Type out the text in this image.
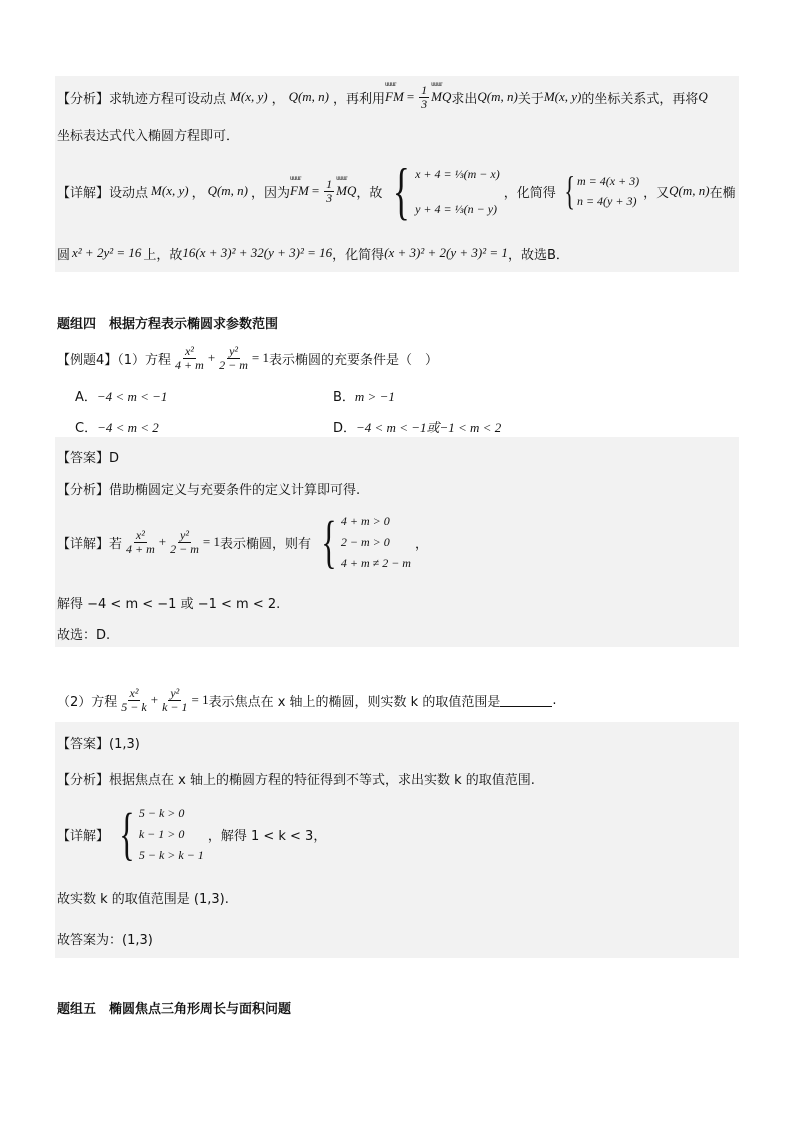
【分析】 求轨迹方程可设动点 M(x, y) ， Q(m, n) ，再利用 uuur FM = $\frac{1}{3}$ uuur MQ 求出 Q(m, n) 关于 M(x, y) 的坐标关系式，再将 Q
坐标表达式代入椭圆方程即可．
【详解】 设动点 M(x, y) ， Q(m, n) ，因为 uuur FM = $\frac{1}{3}$ uuur MQ ，故 { x + 4 = ⅓(m − x)
y + 4 = ⅓(n − y)
，化简得 { m = 4(x + 3)
n = 4(y + 3)
，又 Q(m, n) 在椭
圆 x² + 2y² = 16 上，故 16(x + 3)² + 32(y + 3)² = 16 ，化简得 (x + 3)² + 2(y + 3)² = 1 ，故选B．
题组四　根据方程表示椭圆求参数范围
【例题4】（1）方程 $\frac{\text{x²}}{4 + m} + \frac{\text{y²}}{2 - m} = 1$ 表示椭圆的充要条件是（　）
A．−4 < m < −1	B．m > −1
C．−4 < m < 2	D．−4 < m < −1或−1 < m < 2
【答案】D
【分析】借助椭圆定义与充要条件的定义计算即可得.
【详解】若 $\frac{\text{x²}}{4 + m} + \frac{\text{y²}}{2 - m} = 1$ 表示椭圆，则有 { 4 + m > 0
2 − m > 0
4 + m ≠ 2 − m
，
解得 −4 < m < −1 或 −1 < m < 2.
故选：D.
（2）方程 $\frac{\text{x²}}{5 - k} + \frac{\text{y²}}{k - 1} = 1$ 表示焦点在 x 轴上的椭圆，则实数 k 的取值范围是	.
【答案】(1,3)
【分析】根据焦点在 x 轴上的椭圆方程的特征得到不等式，求出实数 k 的取值范围.
【详解】 { 5 − k > 0
k − 1 > 0
5 − k > k − 1
，解得 1 < k < 3，
故实数 k 的取值范围是 (1,3).
故答案为：(1,3)
题组五　椭圆焦点三角形周长与面积问题
